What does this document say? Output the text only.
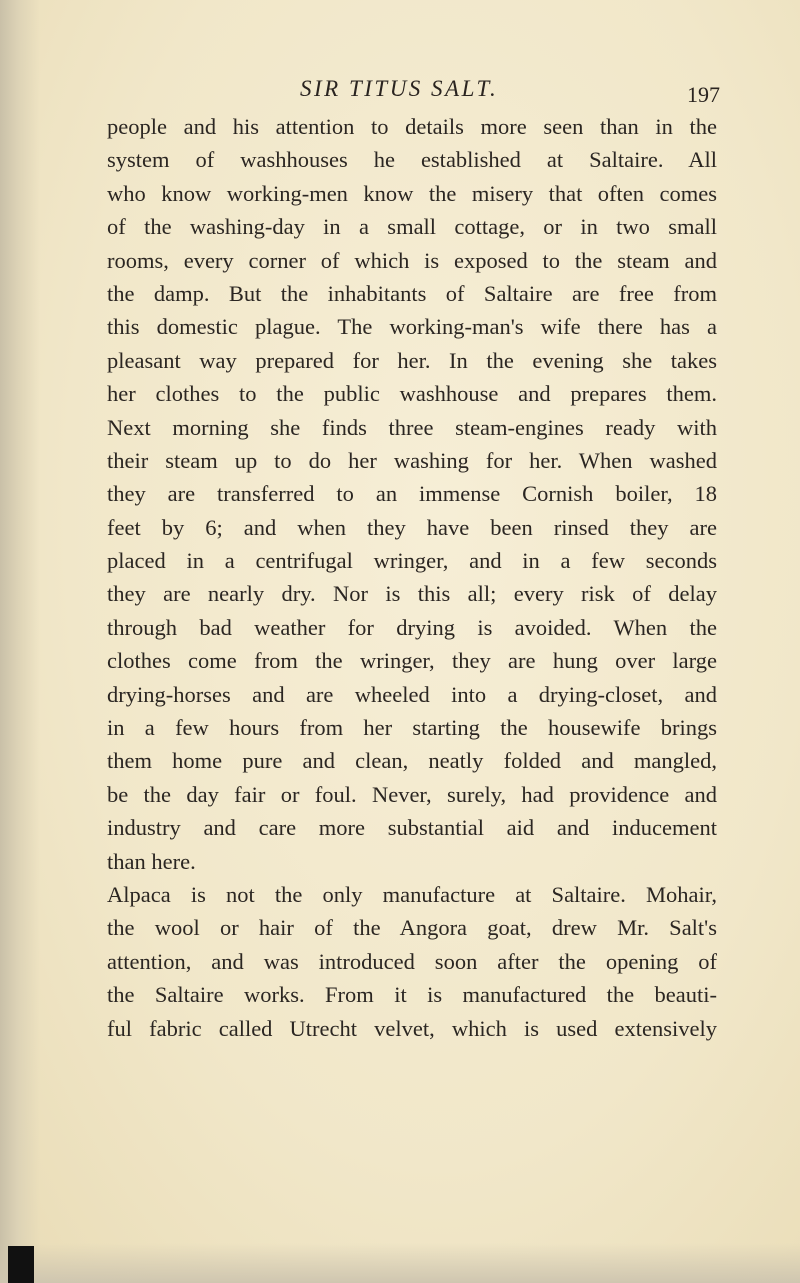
SIR TITUS SALT.	197
people and his attention to details more seen than in the
system of washhouses he established at Saltaire. All
who know working-men know the misery that often comes
of the washing-day in a small cottage, or in two small
rooms, every corner of which is exposed to the steam and
the damp. But the inhabitants of Saltaire are free from
this domestic plague. The working-man's wife there has a
pleasant way prepared for her. In the evening she takes
her clothes to the public washhouse and prepares them.
Next morning she finds three steam-engines ready with
their steam up to do her washing for her. When washed
they are transferred to an immense Cornish boiler, 18
feet by 6; and when they have been rinsed they are
placed in a centrifugal wringer, and in a few seconds
they are nearly dry. Nor is this all; every risk of delay
through bad weather for drying is avoided. When the
clothes come from the wringer, they are hung over large
drying-horses and are wheeled into a drying-closet, and
in a few hours from her starting the housewife brings
them home pure and clean, neatly folded and mangled,
be the day fair or foul. Never, surely, had providence and
industry and care more substantial aid and inducement
than here.
Alpaca is not the only manufacture at Saltaire. Mohair,
the wool or hair of the Angora goat, drew Mr. Salt's
attention, and was introduced soon after the opening of
the Saltaire works. From it is manufactured the beauti-
ful fabric called Utrecht velvet, which is used extensively
